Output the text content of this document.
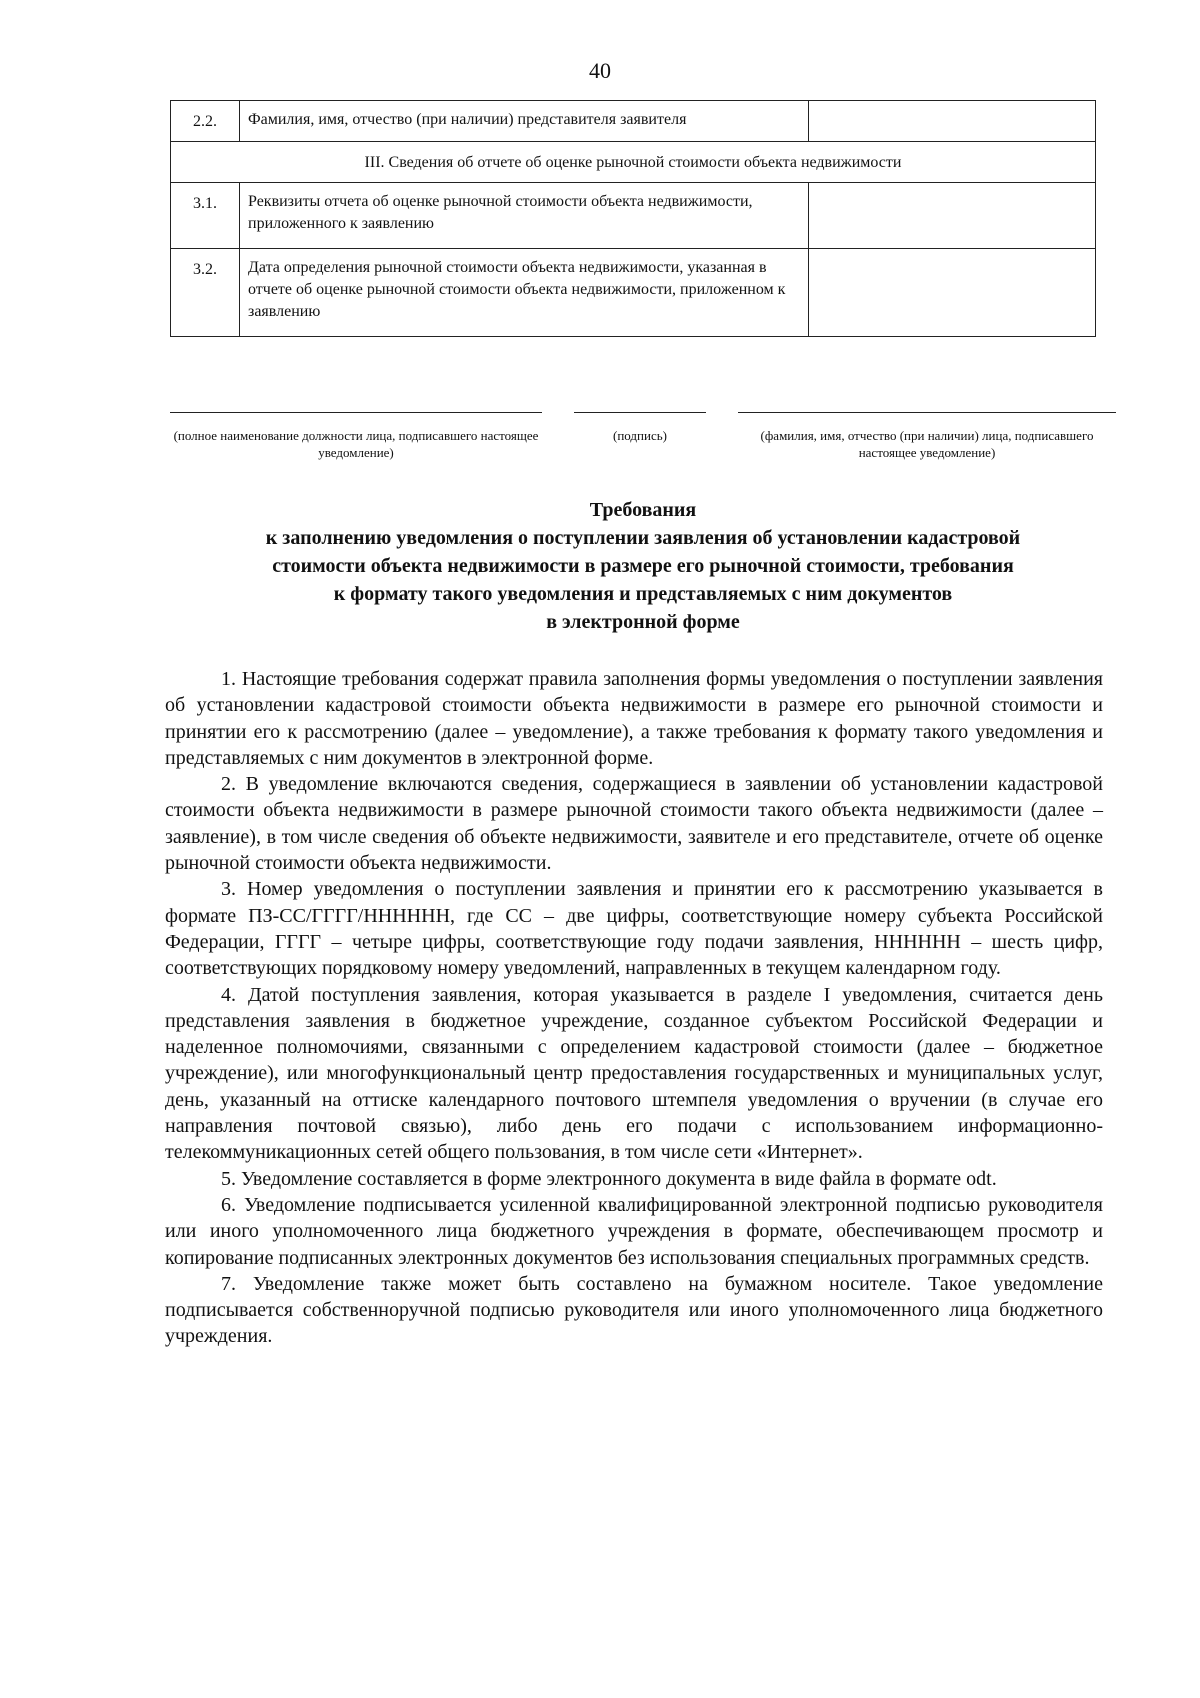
40
2.2.	Фамилия, имя, отчество (при наличии) представителя заявителя	
III. Сведения об отчете об оценке рыночной стоимости объекта недвижимости		
3.1.	Реквизиты отчета об оценке рыночной стоимости объекта недвижимости, приложенного к заявлению	
3.2.	Дата определения рыночной стоимости объекта недвижимости, указанная в отчете об оценке рыночной стоимости объекта недвижимости, приложенном к заявлению	
(полное наименование должности лица, подписавшего настоящее уведомление)
(подпись)	(фамилия, имя, отчество (при наличии) лица, подписавшего настоящее уведомление)
Требования
к заполнению уведомления о поступлении заявления об установлении кадастровой
стоимости объекта недвижимости в размере его рыночной стоимости, требования
к формату такого уведомления и представляемых с ним документов
в электронной форме

1. Настоящие требования содержат правила заполнения формы уведомления о поступлении заявления об установлении кадастровой стоимости объекта недвижимости в размере его рыночной стоимости и принятии его к рассмотрению (далее – уведомление), а также требования к формату такого уведомления и представляемых с ним документов в электронной форме.

2. В уведомление включаются сведения, содержащиеся в заявлении об установлении кадастровой стоимости объекта недвижимости в размере рыночной стоимости такого объекта недвижимости (далее – заявление), в том числе сведения об объекте недвижимости, заявителе и его представителе, отчете об оценке рыночной стоимости объекта недвижимости.

3. Номер уведомления о поступлении заявления и принятии его к рассмотрению указывается в формате ПЗ-СС/ГГГГ/НННННН, где СС – две цифры, соответствующие номеру субъекта Российской Федерации, ГГГГ – четыре цифры, соответствующие году подачи заявления, НННННН – шесть цифр, соответствующих порядковому номеру уведомлений, направленных в текущем календарном году.

4. Датой поступления заявления, которая указывается в разделе I уведомления, считается день представления заявления в бюджетное учреждение, созданное субъектом Российской Федерации и наделенное полномочиями, связанными с определением кадастровой стоимости (далее – бюджетное учреждение), или многофункциональный центр предоставления государственных и муниципальных услуг, день, указанный на оттиске календарного почтового штемпеля уведомления о вручении (в случае его направления почтовой связью), либо день его подачи с использованием информационно-телекоммуникационных сетей общего пользования, в том числе сети «Интернет».

5. Уведомление составляется в форме электронного документа в виде файла в формате odt.

6. Уведомление подписывается усиленной квалифицированной электронной подписью руководителя или иного уполномоченного лица бюджетного учреждения в формате, обеспечивающем просмотр и копирование подписанных электронных документов без использования специальных программных средств.

7. Уведомление также может быть составлено на бумажном носителе. Такое уведомление подписывается собственноручной подписью руководителя или иного уполномоченного лица бюджетного учреждения.
